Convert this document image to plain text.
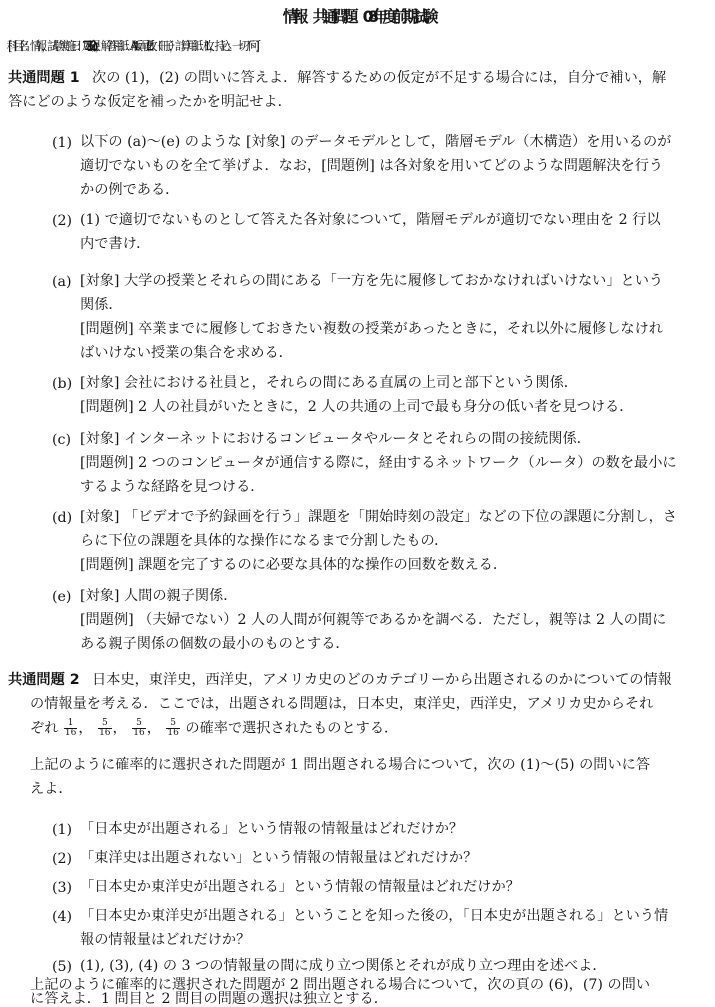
情報　共通問題　08 年度前期試験
[科目名：情報，試験実施日：7 月 25 日 (金) 2 限，解答用紙：A4 版両面 2 枚（冊子），計算用紙：1 枚，持込：一切不可]
共通問題 1 次の (1)，(2) の問いに答えよ．解答するための仮定が不足する場合には，自分で補い，解
答にどのような仮定を補ったかを明記せよ．
(1) 以下の (a)〜(e) のような [対象] のデータモデルとして，階層モデル（木構造）を用いるのが
適切でないものを全て挙げよ．なお，[問題例] は各対象を用いてどのような問題解決を行う
かの例である．
(2) (1) で適切でないものとして答えた各対象について，階層モデルが適切でない理由を 2 行以
内で書け．
(a) [対象] 大学の授業とそれらの間にある「一方を先に履修しておかなければいけない」という
関係．
[問題例] 卒業までに履修しておきたい複数の授業があったときに，それ以外に履修しなけれ
ばいけない授業の集合を求める．
(b) [対象] 会社における社員と，それらの間にある直属の上司と部下という関係．
[問題例] 2 人の社員がいたときに，2 人の共通の上司で最も身分の低い者を見つける．
(c) [対象] インターネットにおけるコンピュータやルータとそれらの間の接続関係．
[問題例] 2 つのコンピュータが通信する際に，経由するネットワーク（ルータ）の数を最小に
するような経路を見つける．
(d) [対象] 「ビデオで予約録画を行う」課題を「開始時刻の設定」などの下位の課題に分割し，さ
らに下位の課題を具体的な操作になるまで分割したもの．
[問題例] 課題を完了するのに必要な具体的な操作の回数を数える．
(e) [対象] 人間の親子関係．
[問題例] （夫婦でない）2 人の人間が何親等であるかを調べる．ただし，親等は 2 人の間に
ある親子関係の個数の最小のものとする．
共通問題 2 日本史，東洋史，西洋史，アメリカ史のどのカテゴリーから出題されるのかについての情報
の情報量を考える．ここでは，出題される問題は，日本史，東洋史，西洋史，アメリカ史からそれ
ぞれ $\frac{1}{16}$ ， $\frac{5}{16}$ ， $\frac{5}{16}$ ， $\frac{5}{16}$ の確率で選択されたものとする．
上記のように確率的に選択された問題が 1 問出題される場合について，次の (1)〜(5) の問いに答
えよ．
(1) 「日本史が出題される」という情報の情報量はどれだけか？
(2) 「東洋史は出題されない」という情報の情報量はどれだけか？
(3) 「日本史か東洋史が出題される」という情報の情報量はどれだけか？
(4) 「日本史か東洋史が出題される」ということを知った後の，「日本史が出題される」という情
報の情報量はどれだけか？
(5) (1), (3), (4) の 3 つの情報量の間に成り立つ関係とそれが成り立つ理由を述べよ．
上記のように確率的に選択された問題が 2 問出題される場合について，次の頁の (6)，(7) の問い
に答えよ．1 問目と 2 問目の問題の選択は独立とする．
